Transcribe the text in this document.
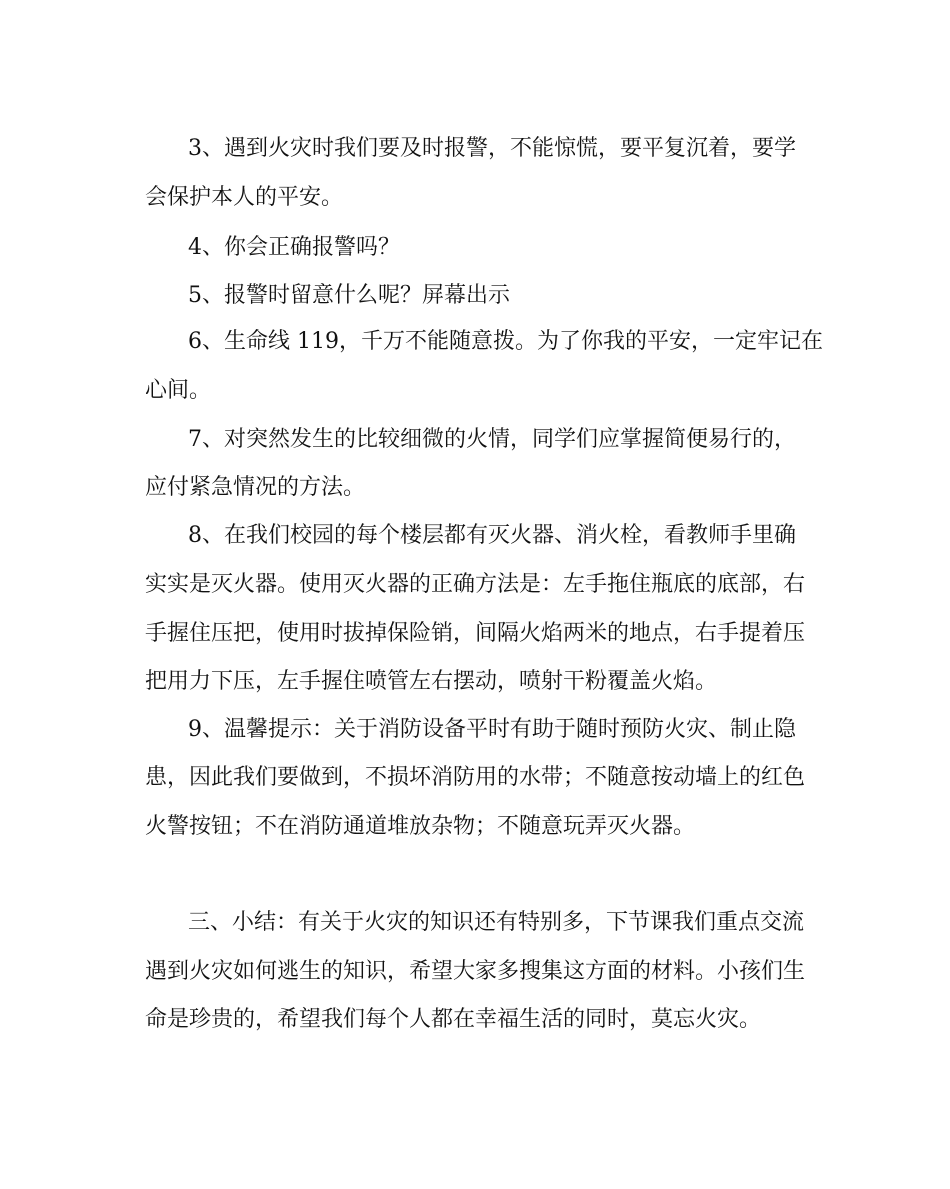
3、遇到火灾时我们要及时报警，不能惊慌，要平复沉着，要学
会保护本人的平安。
4、你会正确报警吗？
5、报警时留意什么呢？屏幕出示
6、生命线 119，千万不能随意拨。为了你我的平安，一定牢记在
心间。
7、对突然发生的比较细微的火情，同学们应掌握简便易行的，
应付紧急情况的方法。
8、在我们校园的每个楼层都有灭火器、消火栓，看教师手里确
实实是灭火器。使用灭火器的正确方法是：左手拖住瓶底的底部，右
手握住压把，使用时拔掉保险销，间隔火焰两米的地点，右手提着压
把用力下压，左手握住喷管左右摆动，喷射干粉覆盖火焰。
9、温馨提示：关于消防设备平时有助于随时预防火灾、制止隐
患，因此我们要做到，不损坏消防用的水带；不随意按动墙上的红色
火警按钮；不在消防通道堆放杂物；不随意玩弄灭火器。
三、小结：有关于火灾的知识还有特别多，下节课我们重点交流
遇到火灾如何逃生的知识，希望大家多搜集这方面的材料。小孩们生
命是珍贵的，希望我们每个人都在幸福生活的同时，莫忘火灾。
